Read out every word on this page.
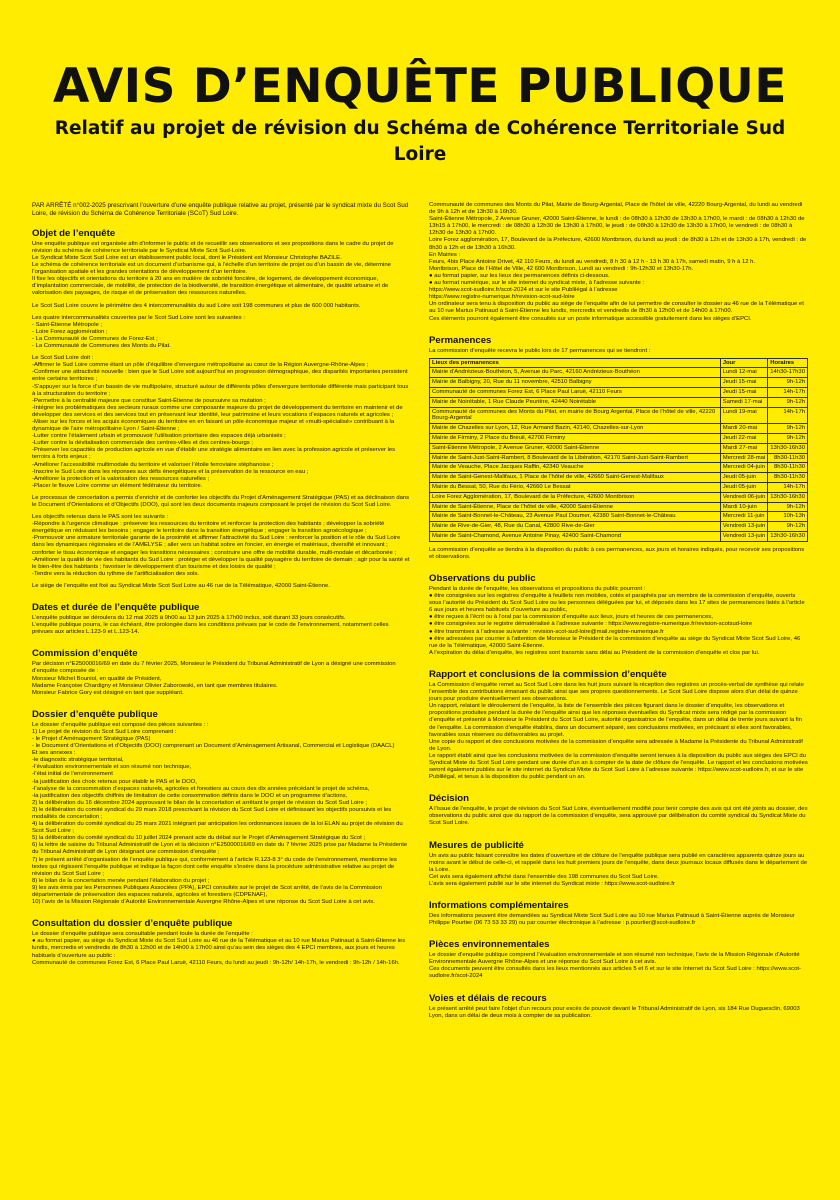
AVIS D’ENQUÊTE PUBLIQUE
Relatif au projet de révision du Schéma de Cohérence Territoriale Sud Loire

PAR ARRÊTÉ n°002-2025 prescrivant l’ouverture d’une enquête publique relative au projet, présenté par le syndicat mixte du Scot Sud Loire, de révision du Schéma de Cohérence Territoriale (SCoT) Sud Loire.

Objet de l’enquête

Une enquête publique est organisée afin d’informer le public et de recueillir ses observations et ses propositions dans le cadre du projet de révision du schéma de cohérence territoriale par le Syndicat Mixte Scot Sud-Loire.

Le Syndicat Mixte Scot Sud Loire est un établissement public local, dont le Président est Monsieur Christophe BAZILE.

Le schéma de cohérence territoriale est un document d’urbanisme qui, à l’échelle d’un territoire de projet ou d’un bassin de vie, détermine l’organisation spatiale et les grandes orientations de développement d’un territoire.

Il fixe les objectifs et orientations du territoire à 20 ans en matière de sobriété foncière, de logement, de développement économique, d’implantation commerciale, de mobilité, de protection de la biodiversité, de transition énergétique et alimentaire, de qualité urbaine et de valorisation des paysages, de risque et de préservation des ressources naturelles.

Le Scot Sud Loire couvre le périmètre des 4 intercommunalités du sud Loire soit 198 communes et plus de 600 000 habitants.

Les quatre intercommunalités couvertes par le Scot Sud Loire sont les suivantes :

- Saint-Étienne Métropole ;

- Loire Forez agglomération ;

- La Communauté de Communes de Forez-Est ;

- La Communauté de Communes des Monts du Pilat.

Le Scot Sud Loire doit :

-Affirmer le Sud Loire comme étant un pôle d’équilibre d’envergure métropolitaine au cœur de la Région Auvergne-Rhône-Alpes ;

-Confirmer une attractivité nouvelle : bien que le Sud Loire soit aujourd’hui en progression démographique, des disparités importantes persistent entre certains territoires ;

-S’appuyer sur la force d’un bassin de vie multipolaire, structuré autour de différents pôles d’envergure territoriale différente mais participant tous à la structuration du territoire ;

-Permettre à la centralité majeure que constitue Saint-Étienne de poursuivre sa mutation ;

-Intégrer les problématiques des secteurs ruraux comme une composante majeure du projet de développement du territoire en maintenir et de développer des services et des services tout en préservant leur identité, leur patrimoine et leurs vocations d’espaces naturels et agricoles ;

-Miser sur les forces et les acquis économiques du territoire en en faisant un pôle économique majeur et «multi-spécialisé» contribuant à la dynamique de l’aire métropolitaine Lyon / Saint-Étienne ;

-Lutter contre l’étalement urbain et promouvoir l’utilisation prioritaire des espaces déjà urbanisés ;

-Lutter contre la dévitalisation commerciale des centres-villes et des centres-bourgs ;

-Préserver les capacités de production agricole en vue d’établir une stratégie alimentaire en lien avec la profession agricole et préserver les terroirs à forts enjeux ;

-Améliorer l’accessibilité multimodale du territoire et valoriser l’étoile ferroviaire stéphanoise ;

-Inscrire le Sud Loire dans les réponses aux défis énergétiques et la préservation de la ressource en eau ;

-Améliorer la protection et la valorisation des ressources naturelles ;

-Placer le fleuve Loire comme un élément fédérateur du territoire.

Le processus de concertation a permis d’enrichir et de conforter les objectifs du Projet d’Aménagement Stratégique (PAS) et sa déclinaison dans le Document d’Orientations et d’Objectifs (DOO), qui sont les deux documents majeurs composant le projet de révision du Scot Sud Loire.

Les objectifs retenus dans le PAS sont les suivants :

-Répondre à l’urgence climatique : préserver les ressources du territoire et renforcer la protection des habitants ; développer la sobriété énergétique en réduisant les besoins ; engager le territoire dans la transition énergétique ; engager la transition agroécologique ;

-Promouvoir une armature territoriale garante de la proximité et affirmer l’attractivité du Sud Loire : renforcer la position et le rôle du Sud Loire dans les dynamiques régionales et de l’AMELYSE ; aller vers un habitat sobre en foncier, en énergie et matériaux, diversifié et innovant ; conforter le tissu économique et engager les transitions nécessaires ; construire une offre de mobilité durable, multi-modale et décarbonée ;

-Améliorer la qualité de vie des habitants du Sud Loire : protéger et développer la qualité paysagère du territoire de demain ; agir pour la santé et le bien-être des habitants ; favoriser le développement d’un tourisme et des loisirs de qualité ;

-Tendre vers la réduction du rythme de l’artificialisation des sols.

Le siège de l’enquête est fixé au Syndicat Mixte Scot Sud Loire au 46 rue de la Télématique, 42000 Saint-Étienne.

Dates et durée de l’enquête publique

L’enquête publique se déroulera du 12 mai 2025 à 9h00 au 13 juin 2025 à 17h00 inclus, soit durant 33 jours consécutifs.

L’enquête publique pourra, le cas échéant, être prolongée dans les conditions prévues par le code de l’environnement, notamment celles prévues aux articles L.123-9 et L.123-14.

Commission d’enquête

Par décision n°E25000016/69 en date du 7 février 2025, Monsieur le Président du Tribunal Administratif de Lyon a désigné une commission d’enquête composée de :

Monsieur Michel Bouniol, en qualité de Président,

Madame Françoise Chardigny et Monsieur Olivier Zaborowski, en tant que membres titulaires.

Monsieur Fabrice Gory est désigné en tant que suppléant.

Dossier d’enquête publique

Le dossier d’enquête publique est composé des pièces suivantes : :

1) Le projet de révision du Scot Sud Loire comprenant :

- le Projet d’Aménagement Stratégique (PAS)

- le Document d’Orientations et d’Objectifs (DOO) comprenant un Document d’Aménagement Artisanal, Commercial et Logistique (DAACL)

Et ses annexes :

-le diagnostic stratégique territorial,

-l’évaluation environnementale et son résumé non technique,

-l’état initial de l’environnement

-la justification des choix retenus pour établir le PAS et le DOO,

-l’analyse de la consommation d’espaces naturels, agricoles et forestiers au cours des dix années précédant le projet de schéma,

-la justification des objectifs chiffrés de limitation de cette consommation définis dans le DOO et un programme d’actions,

2) la délibération du 16 décembre 2024 approuvant le bilan de la concertation et arrêtant le projet de révision du Scot Sud Loire ;

3) le délibération du comité syndical du 29 mars 2018 prescrivant la révision du Scot Sud Loire et définissant les objectifs poursuivis et les modalités de concertation ;

4) la délibération du comité syndical du 25 mars 2021 intégrant par anticipation les ordonnances issues de la loi ELAN au projet de révision du Scot Sud Loire ;

5) la délibération du comité syndical du 10 juillet 2024 prenant acte du débat sur le Projet d’Aménagement Stratégique du Scot ;

6) la lettre de saisine du Tribunal Administratif de Lyon et la décision n°E25000016/69 en date du 7 février 2025 prise par Madame la Présidente du Tribunal Administratif de Lyon désignant une commission d’enquête ;

7) le présent arrêté d’organisation de l’enquête publique qui, conformément à l’article R.123-8 3° du code de l’environnement, mentionne les textes qui régissent l’enquête publique et indique la façon dont cette enquête s’insère dans la procédure administrative relative au projet de révision du Scot Sud Loire ;

8) le bilan de la concertation menée pendant l’élaboration du projet ;

9) les avis émis par les Personnes Publiques Associées (PPA), EPCI consultés sur le projet de Scot arrêté, de l’avis de la Commission départementale de préservation des espaces naturels, agricoles et forestiers (CDPENAF),

10) l’avis de la Mission Régionale d’Autorité Environnementale Auvergne Rhône-Alpes et une réponse du Scot Sud Loire à cet avis.

Consultation du dossier d’enquête publique

Le dossier d’enquête publique sera consultable pendant toute la durée de l’enquête :

● au format papier, au siège du Syndicat Mixte du Scot Sud Loire au 46 rue de la Télématique et au 10 rue Marius Patinaud à Saint-Étienne les lundis, mercredis et vendredis de 8h30 à 12h00 et de 14h00 à 17h00 ainsi qu’au sein des sièges des 4 EPCI membres, aux jours et heures habituels d’ouverture au public :

Communauté de communes Forez Est, 6 Place Paul Laruë, 42110 Feurs, du lundi au jeudi : 9h-12h/ 14h-17h, le vendredi : 9h-12h / 14h-16h.

Communauté de communes des Monts du Pilat, Mairie de Bourg-Argental, Place de l’hôtel de ville, 42220 Bourg-Argental, du lundi au vendredi de 9h à 12h et de 13h30 à 16h30.

Saint-Étienne Métropole, 2 Avenue Gruner, 42000 Saint-Étienne, le lundi : de 08h30 à 12h30 de 13h30 à 17h00, le mardi : de 08h30 à 12h30 de 13h15 à 17h00, le mercredi : de 08h30 à 12h30 de 13h30 à 17h00, le jeudi : de 08h30 à 12h30 de 13h30 à 17h00, le vendredi : de 08h30 à 12h30 de 13h30 à 17h00.

Loire Forez agglomération, 17, Boulevard de la Préfecture, 42600 Montbrison, du lundi au jeudi : de 8h30 à 12h et de 13h30 à 17h, vendredi : de 8h30 à 12h et de 13h30 à 16h30.

En Mairies :

Feurs, 4bis Place Antoine Drivet, 42 110 Feurs, du lundi au vendredi, 8 h 30 à 12 h - 13 h 30 à 17h, samedi matin, 9 h à 12 h.

Montbrison, Place de l’Hôtel de Ville, 42 600 Montbrison, Lundi au vendredi : 9h-12h30 et 13h30-17h.

● au format papier, sur les lieux des permanences définis ci-dessous.

● au format numérique, sur le site internet du syndicat mixte, à l’adresse suivante :

https://www.scot-sudloire.fr/scot-2024 et sur le site Publilégal à l’adresse

https://www.registre-numerique.fr/revision-scot-sud-loire

Un ordinateur sera tenu à disposition du public au siège de l’enquête afin de lui permettre de consulter le dossier au 46 rue de la Télématique et au 10 rue Marius Patinaud à Saint-Étienne les lundis, mercredis et vendredis de 8h30 à 12h00 et de 14h00 à 17h00.

Ces éléments pourront également être consultés sur un poste informatique accessible gratuitement dans les sièges d’EPCI.

Permanences

La commission d’enquête recevra le public lors de 17 permanences qui se tiendront :

Lieux des permanences	Jour	Horaires
Mairie d’Andrézieux-Bouthéon, 5, Avenue du Parc, 42160 Andrézieux-Bouthéon	Lundi 12-mai	14h30-17h30
Mairie de Balbigny, 20, Rue du 11 novembre, 42510 Balbigny	Jeudi 15-mai	9h-12h
Communauté de communes Forez Est, 6 Place Paul Laruë, 42110 Feurs	Jeudi 15-mai	14h-17h
Mairie de Noirétable, 1 Rue Claude Peurière, 42440 Noirétable	Samedi 17-mai	9h-12h
Communauté de communes des Monts du Pilat, en mairie de Bourg Argental, Place de l’hôtel de ville, 42220 Bourg-Argental	Lundi 19-mai	14h-17h
Mairie de Chazelles sur Lyon, 12, Rue Armand Bazin, 42140, Chazelles-sur-Lyon	Mardi 20-mai	9h-12h
Mairie de Firminy, 2 Place du Breuil, 42700 Firminy	Jeudi 22-mai	9h-12h
Saint-Étienne Métropole, 2 Avenue Gruner, 42000 Saint-Étienne	Mardi 27-mai	13h30-16h30
Mairie de Saint-Just-Saint-Rambert, 8 Boulevard de la Libération, 42170 Saint-Just-Saint-Rambert	Mercredi 28-mai	8h30-11h30
Mairie de Veauche, Place Jacques Raffin, 42340 Veauche	Mercredi 04-juin	8h30-11h30
Mairie de Saint-Genest-Malifaux, 1 Place de l’hôtel de ville, 42660 Saint-Genest-Malifaux	Jeudi 05-juin	8h30-11h30
Mairie du Bessat, 50, Rue du Fério, 42660 Le Bessat	Jeudi 05-juin	14h-17h
Loire Forez Agglomération, 17, Boulevard de la Préfecture, 42600 Montbrison	Vendredi 06-juin	13h30-16h30
Mairie de Saint-Étienne, Place de l’hôtel de ville, 42000 Saint-Étienne	Mardi 10-juin	9h-12h
Mairie de Saint-Bonnet-le-Château, 23 Avenue Paul Doumer, 42380 Saint-Bonnet-le-Château	Mercredi 11-juin	10h-13h
Mairie de Rive-de-Gier, 48, Rue du Canal, 42800 Rive-de-Gier	Vendredi 13-juin	9h-12h
Mairie de Saint-Chamond, Avenue Antoine Pinay, 42400 Saint-Chamond	Vendredi 13-juin	13h30-16h30

La commission d’enquête se tiendra à la disposition du public à ces permanences, aux jours et horaires indiqués, pour recevoir ses propositions et observations.

Observations du public

Pendant la durée de l’enquête, les observations et propositions du public pourront :

● être consignées sur les registres d’enquête à feuillets non mobiles, cotés et paraphés par un membre de la commission d’enquête, ouverts sous l’autorité du Président du Scot Sud Loire ou les personnes déléguées par lui, et déposés dans les 17 sites de permanences listés à l’article 6 aux jours et heures habituels d’ouverture au public,

● être reçues à l’écrit ou à l’oral par la commission d’enquête aux lieux, jours et heures de ces permanences,

● être consignées sur le registre dématérialisé à l’adresse suivante : https://www.registre-numerique.fr/revision-scotsud-loire

● être transmises à l’adresse suivante : revision-scot-sud-loire@mail.registre-numerique.fr

● être adressées par courrier à l’attention de Monsieur le Président de la commission d’enquête au siège du Syndicat Mixte Scot Sud Loire, 46 rue de la Télématique, 42000 Saint-Étienne.

A l’expiration du délai d’enquête, les registres sont transmis sans délai au Président de la commission d’enquête et clos par lui.

Rapport et conclusions de la commission d’enquête

La Commission d’enquête remet au Scot Sud Loire dans les huit jours suivant la réception des registres un procès-verbal de synthèse qui relate l’ensemble des contributions émanant du public ainsi que ses propres questionnements. Le Scot Sud Loire dispose alors d’un délai de quinze jours pour produire éventuellement ses observations.

Un rapport, relatant le déroulement de l’enquête, la liste de l’ensemble des pièces figurant dans le dossier d’enquête, les observations et propositions produites pendant la durée de l’enquête ainsi que les réponses éventuelles du Syndicat mixte sera rédigé par la commission d’enquête et présenté à Monsieur le Président du Scot Sud Loire, autorité organisatrice de l’enquête, dans un délai de trente jours suivant la fin de l’enquête. La commission d’enquête établira, dans un document séparé, ses conclusions motivées, en précisant si elles sont favorables, favorables sous réserves ou défavorables au projet.

Une copie du rapport et des conclusions motivées de la commission d’enquête sera adressée à Madame la Présidente du Tribunal Administratif de Lyon.

Le rapport établi ainsi que les conclusions motivées de la commission d’enquête seront tenues à la disposition du public aux sièges des EPCI du Syndicat Mixte du Scot Sud Loire pendant une durée d’un an à compter de la date de clôture de l’enquête. Le rapport et les conclusions motivées seront également publiés sur le site internet du Syndicat Mixte du Scot Sud Loire à l’adresse suivante : https://www.scot-sudloire.fr, et sur le site Publilégal, et tenus à la disposition du public pendant un an.

Décision

A l’issue de l’enquête, le projet de révision du Scot Sud Loire, éventuellement modifié pour tenir compte des avis qui ont été joints au dossier, des observations du public ainsi que du rapport de la commission d’enquête, sera approuvé par délibération du comité syndical du Syndicat Mixte du Scot Sud Loire.

Mesures de publicité

Un avis au public faisant connaître les dates d’ouverture et de clôture de l’enquête publique sera publié en caractères apparents quinze jours au moins avant le début de celle-ci, et rappelé dans les huit premiers jours de l’enquête, dans deux journaux locaux diffusés dans le département de la Loire.

Cet avis sera également affiché dans l’ensemble des 198 communes du Scot Sud Loire.

L’avis sera également publié sur le site internet du Syndicat mixte : https://www.scot-sudloire.fr

Informations complémentaires

Des informations peuvent être demandées au Syndicat Mixte Scot Sud Loire au 10 rue Marius Patinaud à Saint-Étienne auprès de Monsieur Philippe Pourtier (06 73 53 33 29) ou par courrier électronique à l’adresse : p.pourtier@scot-sudloire.fr

Pièces environnementales

Le dossier d’enquête publique comprend l’évaluation environnementale et son résumé non technique, l’avis de la Mission Régionale d’Autorité Environnementale Auvergne Rhône-Alpes et une réponse du Scot Sud Loire à cet avis.

Ces documents peuvent être consultés dans les lieux mentionnés aux articles 5 et 6 et sur le site Internet du Scot Sud Loire : https://www.scot-sudloire.fr/scot-2024

Voies et délais de recours

Le présent arrêté peut faire l’objet d’un recours pour excès de pouvoir devant le Tribunal Administratif de Lyon, sis 184 Rue Duguesclin, 69003 Lyon, dans un délai de deux mois à compter de sa publication.
